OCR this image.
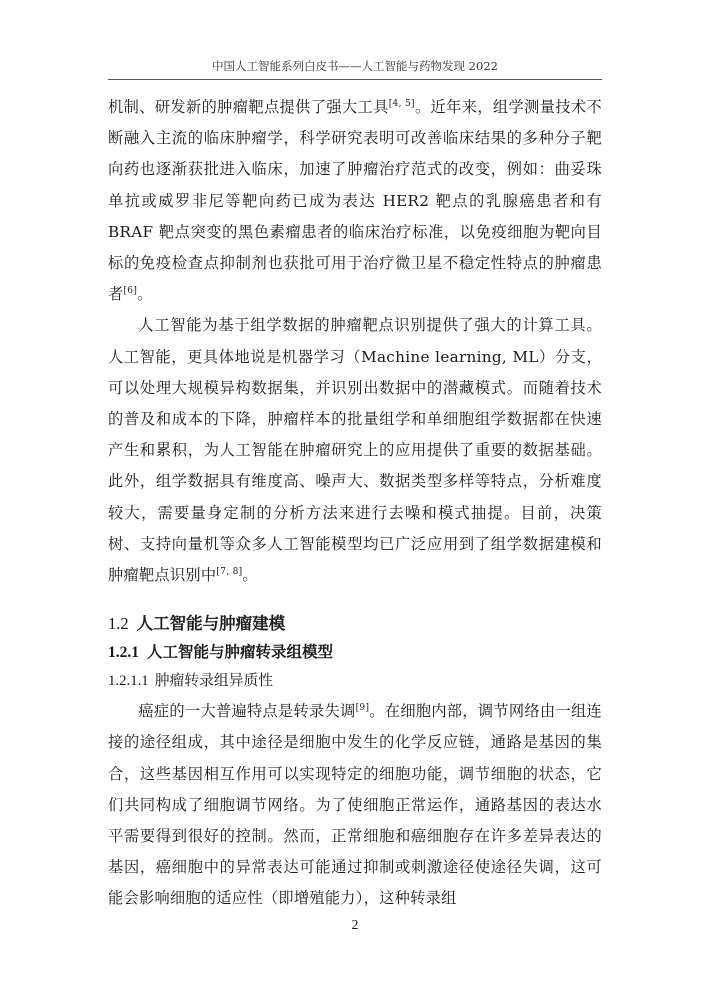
中国人工智能系列白皮书——人工智能与药物发现 2022

机制、研发新的肿瘤靶点提供了强大工具[4, 5]。近年来，组学测量技术不断融入主流的临床肿瘤学，科学研究表明可改善临床结果的多种分子靶向药也逐渐获批进入临床，加速了肿瘤治疗范式的改变，例如：曲妥珠单抗或威罗非尼等靶向药已成为表达 HER2 靶点的乳腺癌患者和有 BRAF 靶点突变的黑色素瘤患者的临床治疗标准，以免疫细胞为靶向目标的免疫检查点抑制剂也获批可用于治疗微卫星不稳定性特点的肿瘤患者[6]。

人工智能为基于组学数据的肿瘤靶点识别提供了强大的计算工具。人工智能，更具体地说是机器学习（Machine learning, ML）分支，可以处理大规模异构数据集，并识别出数据中的潜藏模式。而随着技术的普及和成本的下降，肿瘤样本的批量组学和单细胞组学数据都在快速产生和累积，为人工智能在肿瘤研究上的应用提供了重要的数据基础。此外，组学数据具有维度高、噪声大、数据类型多样等特点，分析难度较大，需要量身定制的分析方法来进行去噪和模式抽提。目前，决策树、支持向量机等众多人工智能模型均已广泛应用到了组学数据建模和肿瘤靶点识别中[7, 8]。

1.2 人工智能与肿瘤建模
1.2.1 人工智能与肿瘤转录组模型
1.2.1.1 肿瘤转录组异质性

癌症的一大普遍特点是转录失调[9]。在细胞内部，调节网络由一组连接的途径组成，其中途径是细胞中发生的化学反应链，通路是基因的集合，这些基因相互作用可以实现特定的细胞功能，调节细胞的状态，它们共同构成了细胞调节网络。为了使细胞正常运作，通路基因的表达水平需要得到很好的控制。然而，正常细胞和癌细胞存在许多差异表达的基因，癌细胞中的异常表达可能通过抑制或刺激途径使途径失调，这可能会影响细胞的适应性（即增殖能力），这种转录组

2
